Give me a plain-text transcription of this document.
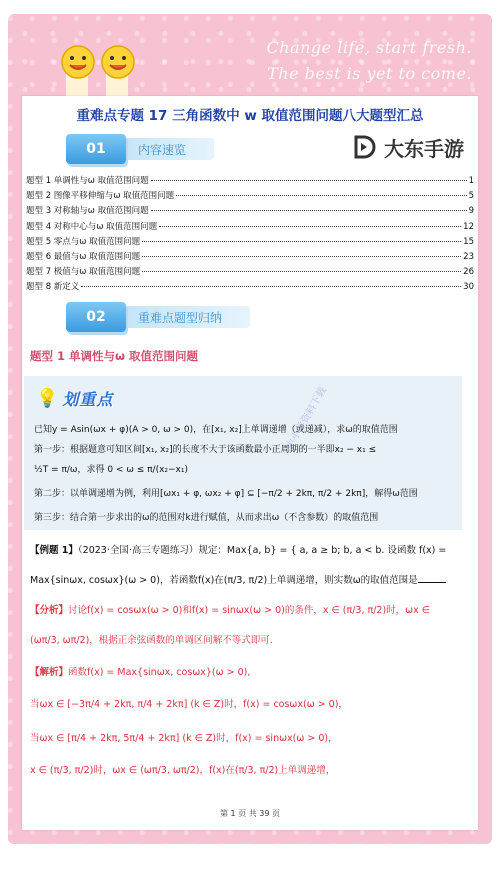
Change life, start fresh.
The best is yet to come.
重难点专题 17 三角函数中 w 取值范围问题八大题型汇总
大东手游
01	内容速览
题型 1 单调性与ω 取值范围问题	1
题型 2 图像平移伸缩与ω 取值范围问题	5
题型 3 对称轴与ω 取值范围问题	9
题型 4 对称中心与ω 取值范围问题	12
题型 5 零点与ω 取值范围问题	15
题型 6 最值与ω 取值范围问题	23
题型 7 极值与ω 取值范围问题	26
题型 8 新定义	30
02	重难点题型归纳
题型 1 单调性与ω 取值范围问题
💡 划重点
已知y = Asin(ωx + φ)(A > 0, ω > 0)，在[x₁, x₂]上单调递增（或递减），求ω的取值范围
第一步：根据题意可知区间[x₁, x₂]的长度不大于该函数最小正周期的一半即x₂ − x₁ ≤
½T = π/ω，求得 0 < ω ≤ π/(x₂−x₁)
第二步：以单调递增为例，利用[ωx₁ + φ, ωx₂ + φ] ⊆ [−π/2 + 2kπ, π/2 + 2kπ]，解得ω范围
第三步：结合第一步求出的ω的范围对k进行赋值，从而求出ω（不含参数）的取值范围
中小学资料下载
【例题 1】（2023·全国·高三专题练习）规定：Max{a, b} = { a, a ≥ b; b, a < b. 设函数 f(x) =
Max{sinωx, cosωx}(ω > 0)，若函数f(x)在(π/3, π/2)上单调递增，则实数ω的取值范围是
【分析】讨论f(x) = cosωx(ω > 0)和f(x) = sinωx(ω > 0)的条件，x ∈ (π/3, π/2)时，ωx ∈
(ωπ/3, ωπ/2)，根据正余弦函数的单调区间解不等式即可.
【解析】函数f(x) = Max{sinωx, cosωx}(ω > 0),
当ωx ∈ [−3π/4 + 2kπ, π/4 + 2kπ] (k ∈ Z)时，f(x) = cosωx(ω > 0)，
当ωx ∈ [π/4 + 2kπ, 5π/4 + 2kπ] (k ∈ Z)时，f(x) = sinωx(ω > 0)，
x ∈ (π/3, π/2)时，ωx ∈ (ωπ/3, ωπ/2)，f(x)在(π/3, π/2)上单调递增，
第 1 页 共 39 页
